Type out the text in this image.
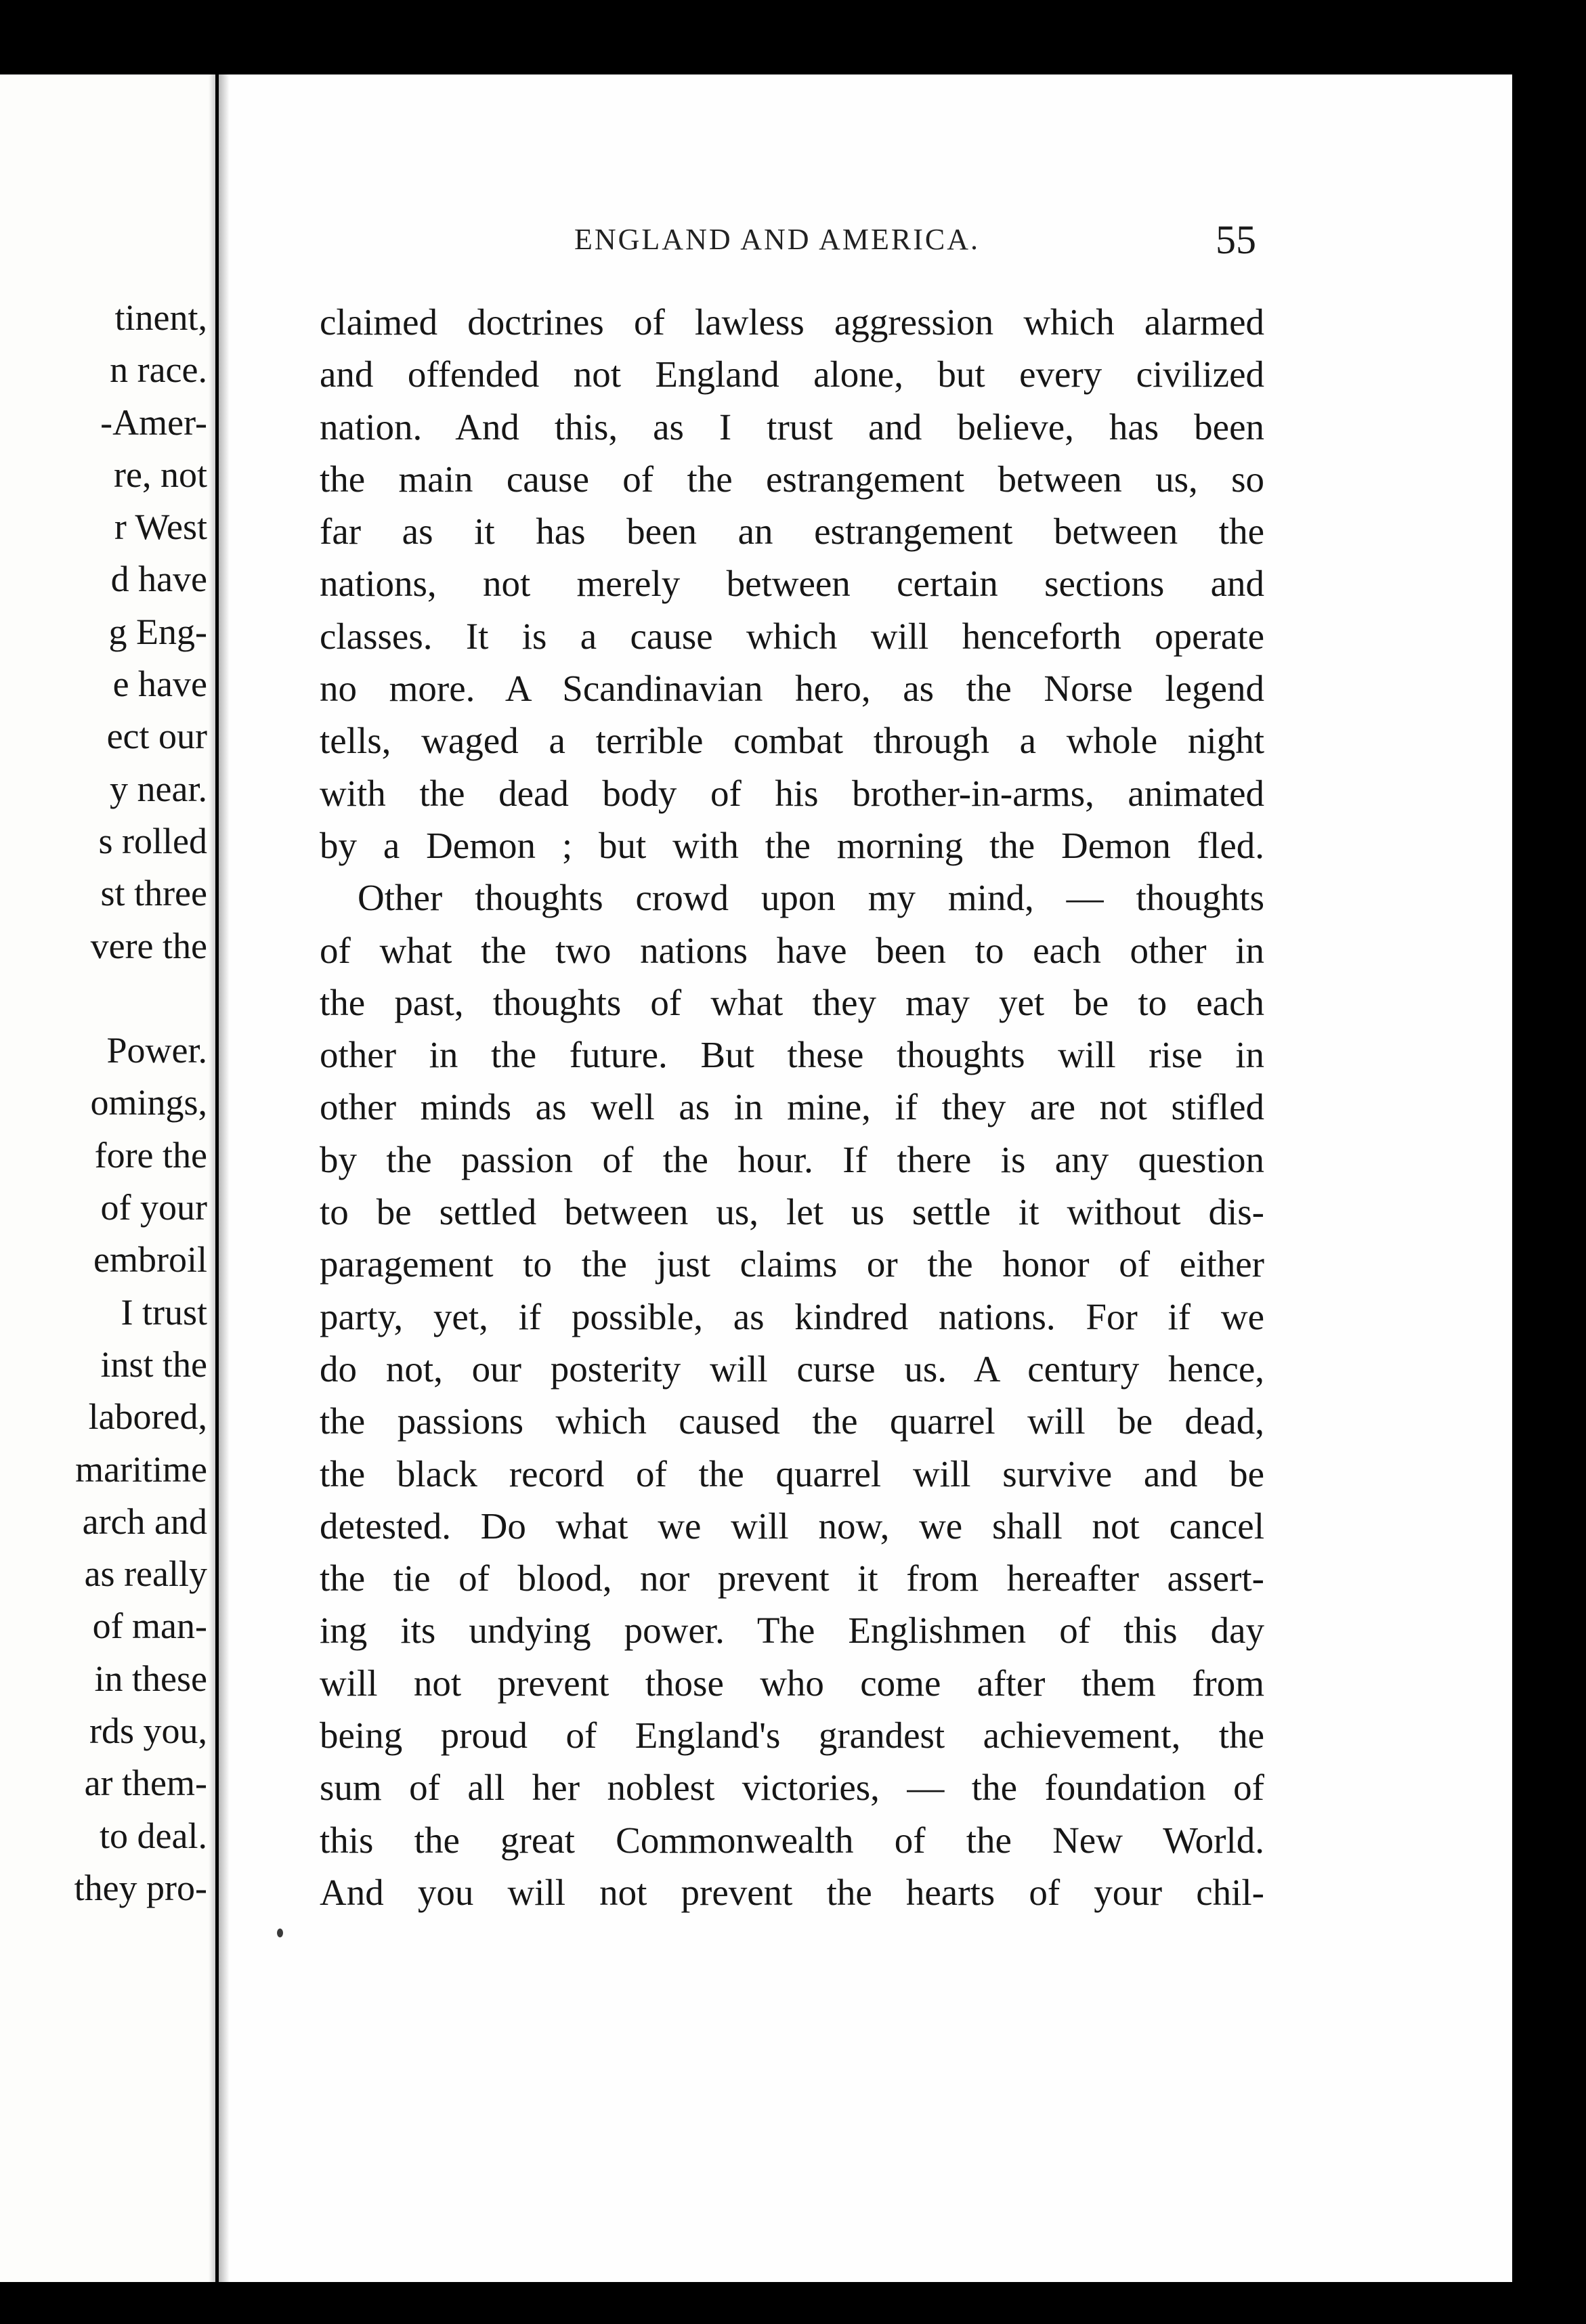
tinent,
n race.
-Amer-
re, not
r West
d have
g Eng-
e have
ect our
y near.
s rolled
st three
vere the
Power.
omings,
fore the
of your
embroil
I trust
inst the
labored,
maritime
arch and
as really
of man-
in these
rds you,
ar them-
to deal.
they pro-
ENGLAND AND AMERICA.	55
claimed doctrines of lawless aggression which alarmed
and offended not England alone, but every civilized
nation. And this, as I trust and believe, has been
the main cause of the estrangement between us, so
far as it has been an estrangement between the
nations, not merely between certain sections and
classes. It is a cause which will henceforth operate
no more. A Scandinavian hero, as the Norse legend
tells, waged a terrible combat through a whole night
with the dead body of his brother-in-arms, animated
by a Demon ; but with the morning the Demon fled.
Other thoughts crowd upon my mind, — thoughts
of what the two nations have been to each other in
the past, thoughts of what they may yet be to each
other in the future. But these thoughts will rise in
other minds as well as in mine, if they are not stifled
by the passion of the hour. If there is any question
to be settled between us, let us settle it without dis-
paragement to the just claims or the honor of either
party, yet, if possible, as kindred nations. For if we
do not, our posterity will curse us. A century hence,
the passions which caused the quarrel will be dead,
the black record of the quarrel will survive and be
detested. Do what we will now, we shall not cancel
the tie of blood, nor prevent it from hereafter assert-
ing its undying power. The Englishmen of this day
will not prevent those who come after them from
being proud of England's grandest achievement, the
sum of all her noblest victories, — the foundation of
this the great Commonwealth of the New World.
And you will not prevent the hearts of your chil-
